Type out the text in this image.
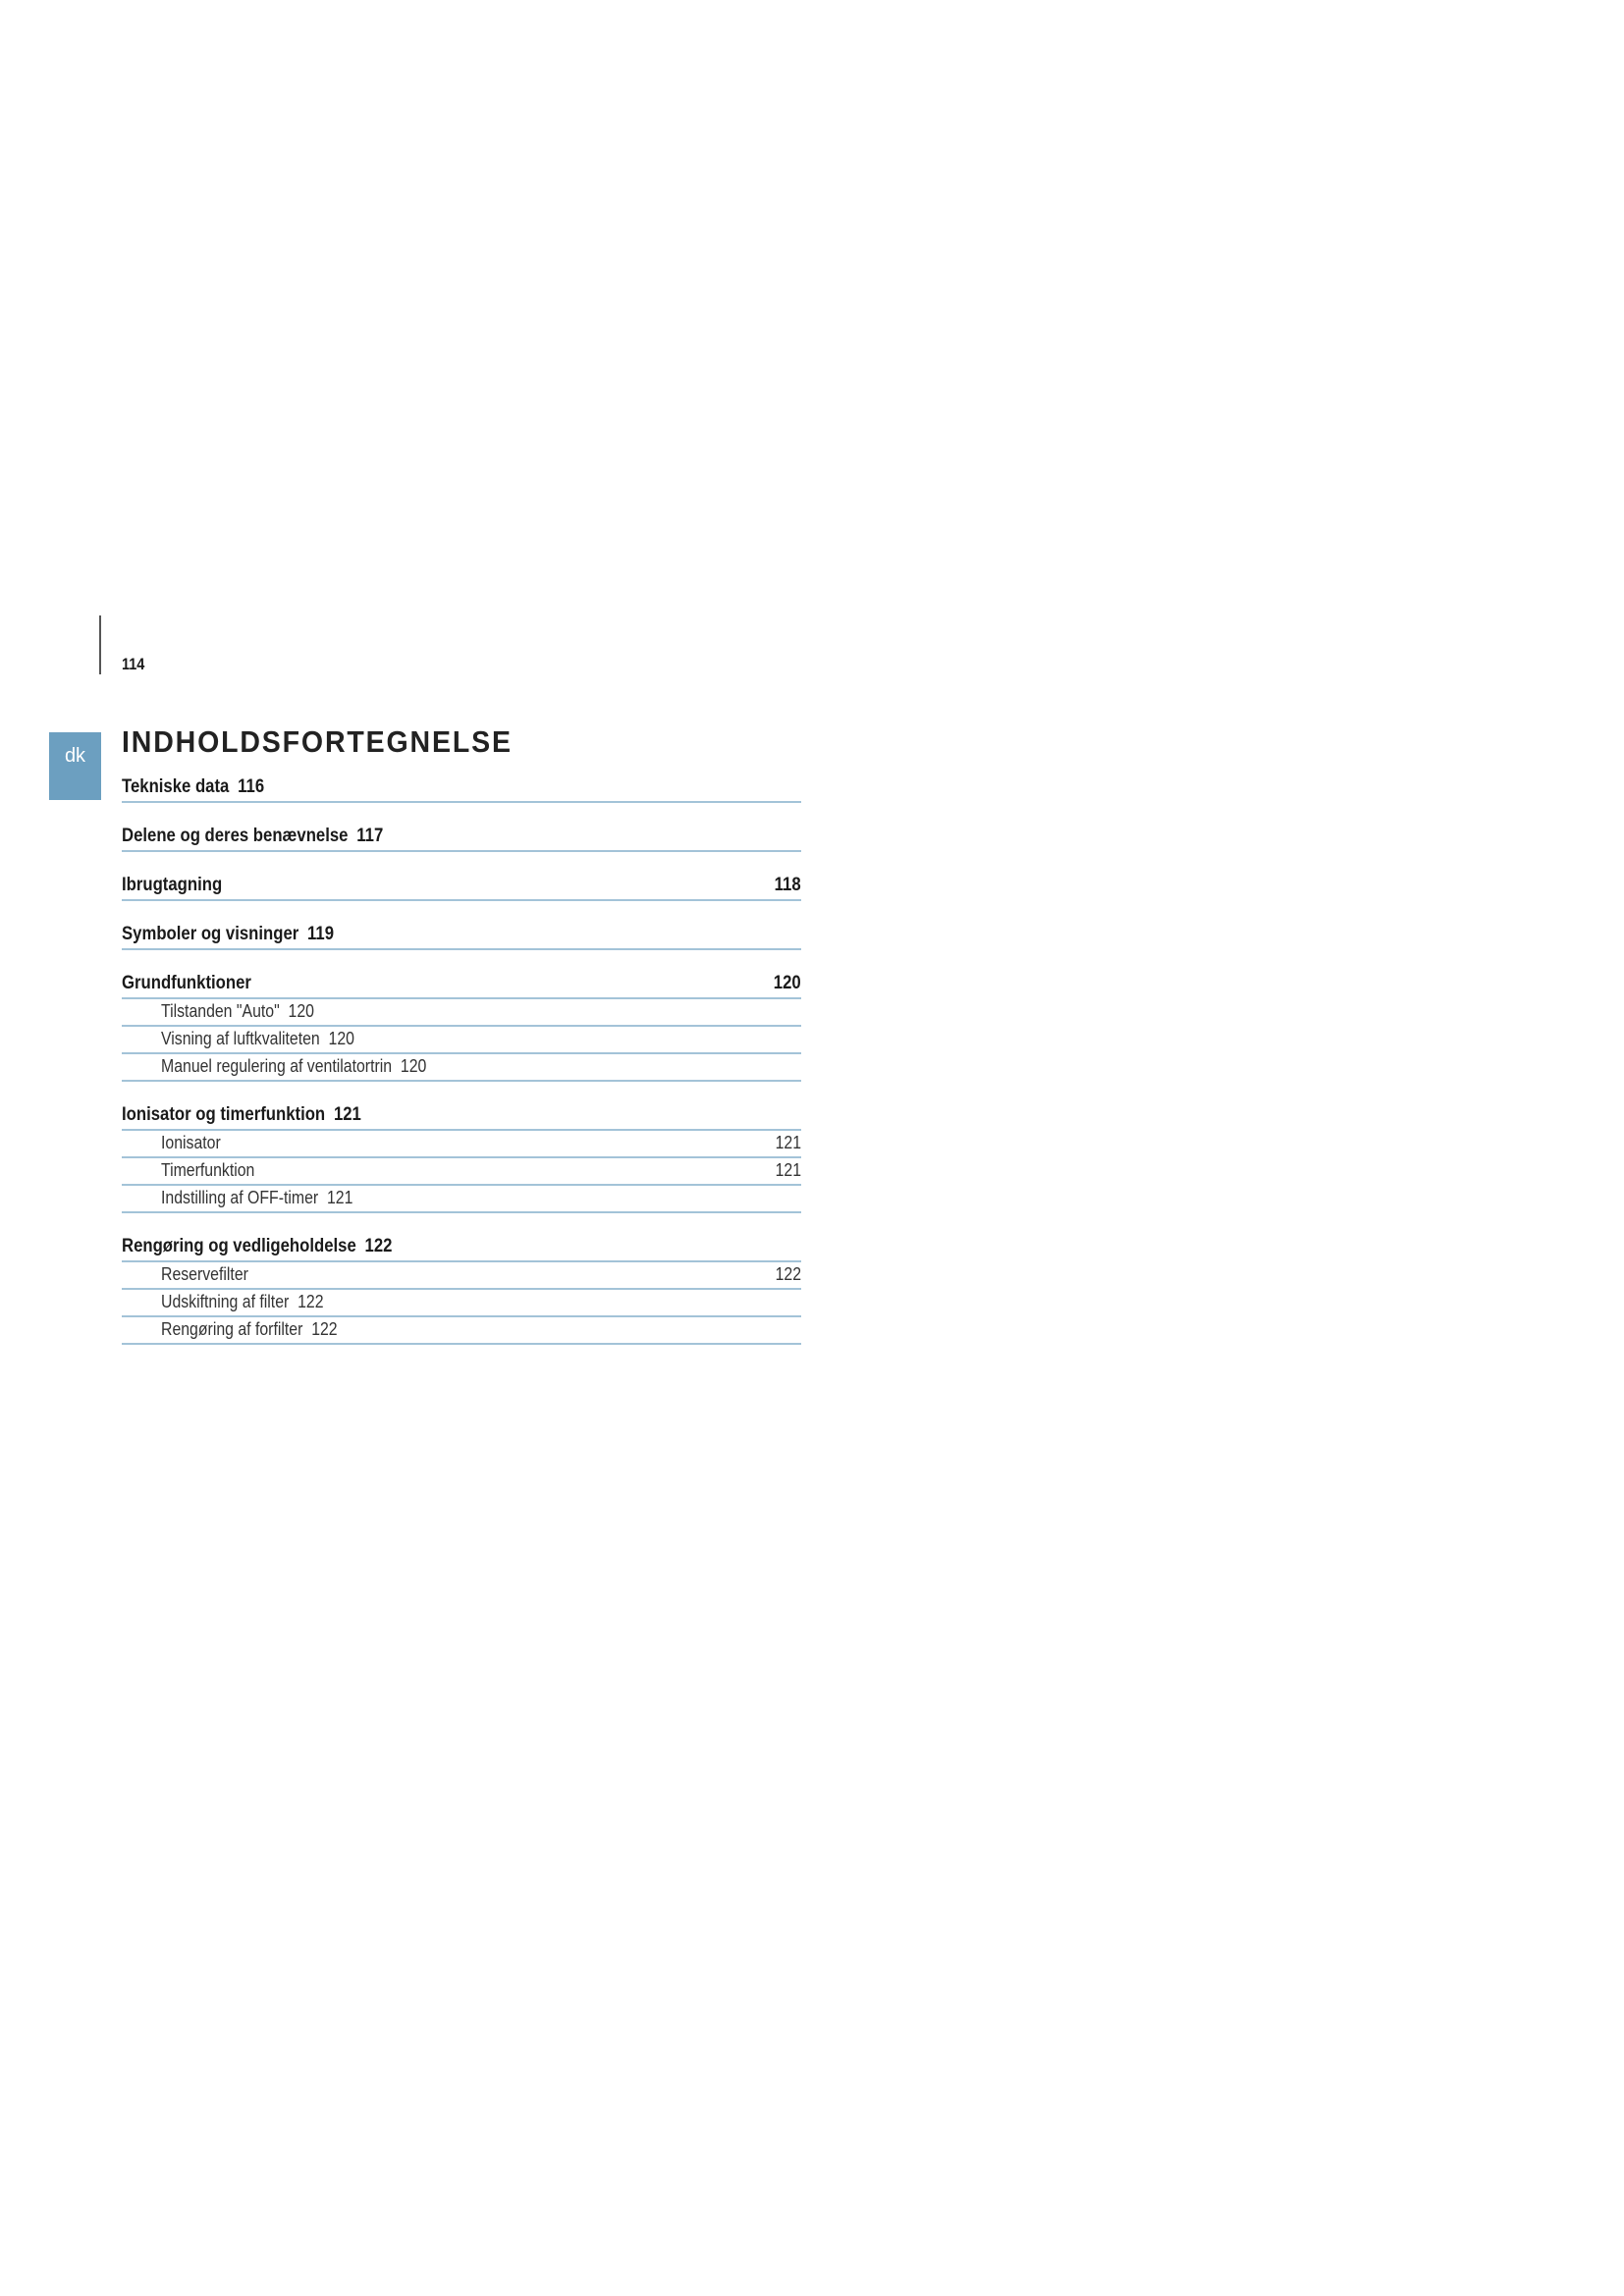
114
dk	INDHOLDSFORTEGNELSE
Tekniske data 116
Delene og deres benævnelse 117
Ibrugtagning	118
Symboler og visninger 119
Grundfunktioner	120
Tilstanden "Auto" 120
Visning af luftkvaliteten 120
Manuel regulering af ventilatortrin 120
Ionisator og timerfunktion 121
Ionisator	121
Timerfunktion	121
Indstilling af OFF-timer 121
Rengøring og vedligeholdelse 122
Reservefilter	122
Udskiftning af filter 122
Rengøring af forfilter 122
